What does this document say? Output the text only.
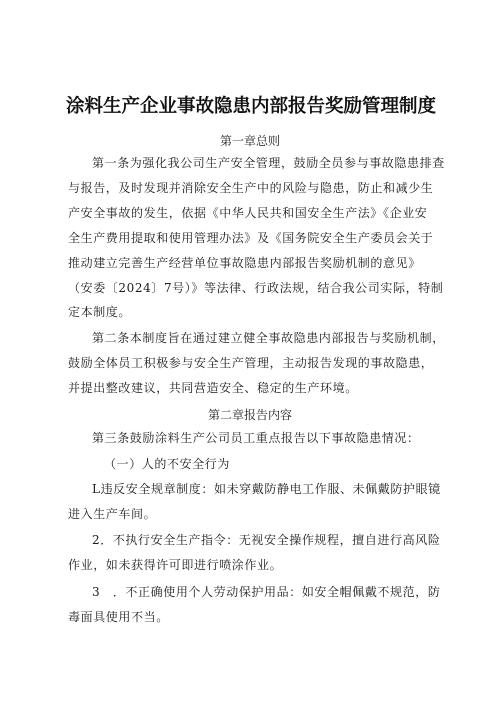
涂料生产企业事故隐患内部报告奖励管理制度
第一章总则
第一条为强化我公司生产安全管理，鼓励全员参与事故隐患排查
与报告，及时发现并消除安全生产中的风险与隐患，防止和减少生
产安全事故的发生，依据《中华人民共和国安全生产法》《企业安
全生产费用提取和使用管理办法》及《国务院安全生产委员会关于
推动建立完善生产经营单位事故隐患内部报告奖励机制的意见》
（安委〔2024〕7号）》等法律、行政法规，结合我公司实际，特制
定本制度。
第二条本制度旨在通过建立健全事故隐患内部报告与奖励机制，
鼓励全体员工积极参与安全生产管理，主动报告发现的事故隐患，
并提出整改建议，共同营造安全、稳定的生产环境。
第二章报告内容
第三条鼓励涂料生产公司员工重点报告以下事故隐患情况：
（一）人的不安全行为
L违反安全规章制度：如未穿戴防静电工作服、未佩戴防护眼镜
进入生产车间。
2．不执行安全生产指令：无视安全操作规程，擅自进行高风险
作业，如未获得许可即进行喷涂作业。
3　．不正确使用个人劳动保护用品：如安全帽佩戴不规范，防
毒面具使用不当。
